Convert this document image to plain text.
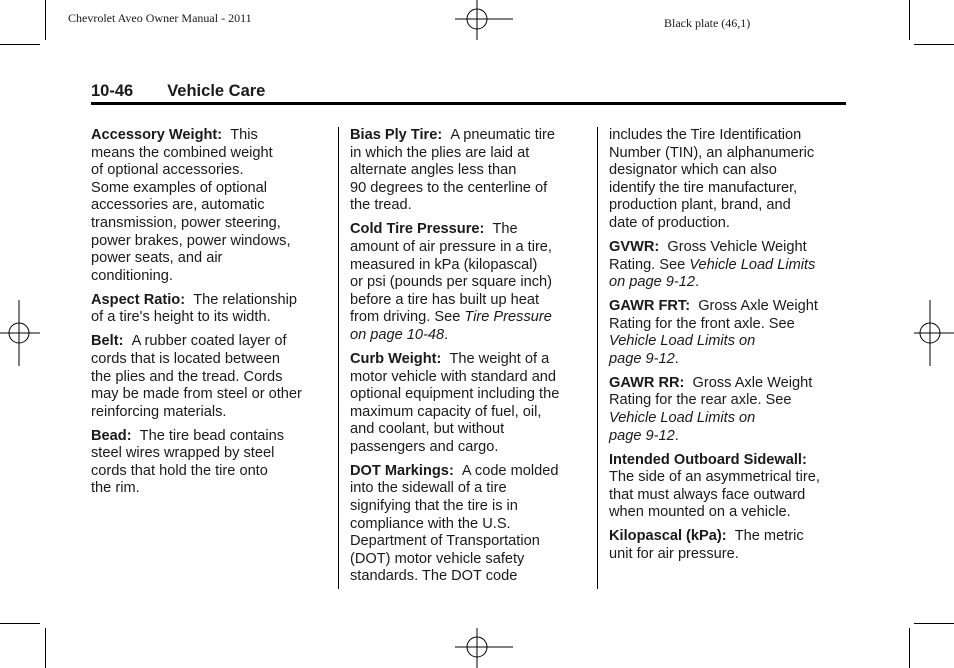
Chevrolet Aveo Owner Manual - 2011	Black plate (46,1)
10-46 Vehicle Care

Accessory Weight: This
means the combined weight
of optional accessories.
Some examples of optional
accessories are, automatic
transmission, power steering,
power brakes, power windows,
power seats, and air
conditioning.

Aspect Ratio: The relationship
of a tire's height to its width.

Belt: A rubber coated layer of
cords that is located between
the plies and the tread. Cords
may be made from steel or other
reinforcing materials.

Bead: The tire bead contains
steel wires wrapped by steel
cords that hold the tire onto
the rim.

Bias Ply Tire: A pneumatic tire
in which the plies are laid at
alternate angles less than
90 degrees to the centerline of
the tread.

Cold Tire Pressure: The
amount of air pressure in a tire,
measured in kPa (kilopascal)
or psi (pounds per square inch)
before a tire has built up heat
from driving. See Tire Pressure
on page 10-48.

Curb Weight: The weight of a
motor vehicle with standard and
optional equipment including the
maximum capacity of fuel, oil,
and coolant, but without
passengers and cargo.

DOT Markings: A code molded
into the sidewall of a tire
signifying that the tire is in
compliance with the U.S.
Department of Transportation
(DOT) motor vehicle safety
standards. The DOT code

includes the Tire Identification
Number (TIN), an alphanumeric
designator which can also
identify the tire manufacturer,
production plant, brand, and
date of production.

GVWR: Gross Vehicle Weight
Rating. See Vehicle Load Limits
on page 9-12.

GAWR FRT: Gross Axle Weight
Rating for the front axle. See
Vehicle Load Limits on
page 9-12.

GAWR RR: Gross Axle Weight
Rating for the rear axle. See
Vehicle Load Limits on
page 9-12.

Intended Outboard Sidewall:
The side of an asymmetrical tire,
that must always face outward
when mounted on a vehicle.

Kilopascal (kPa): The metric
unit for air pressure.
